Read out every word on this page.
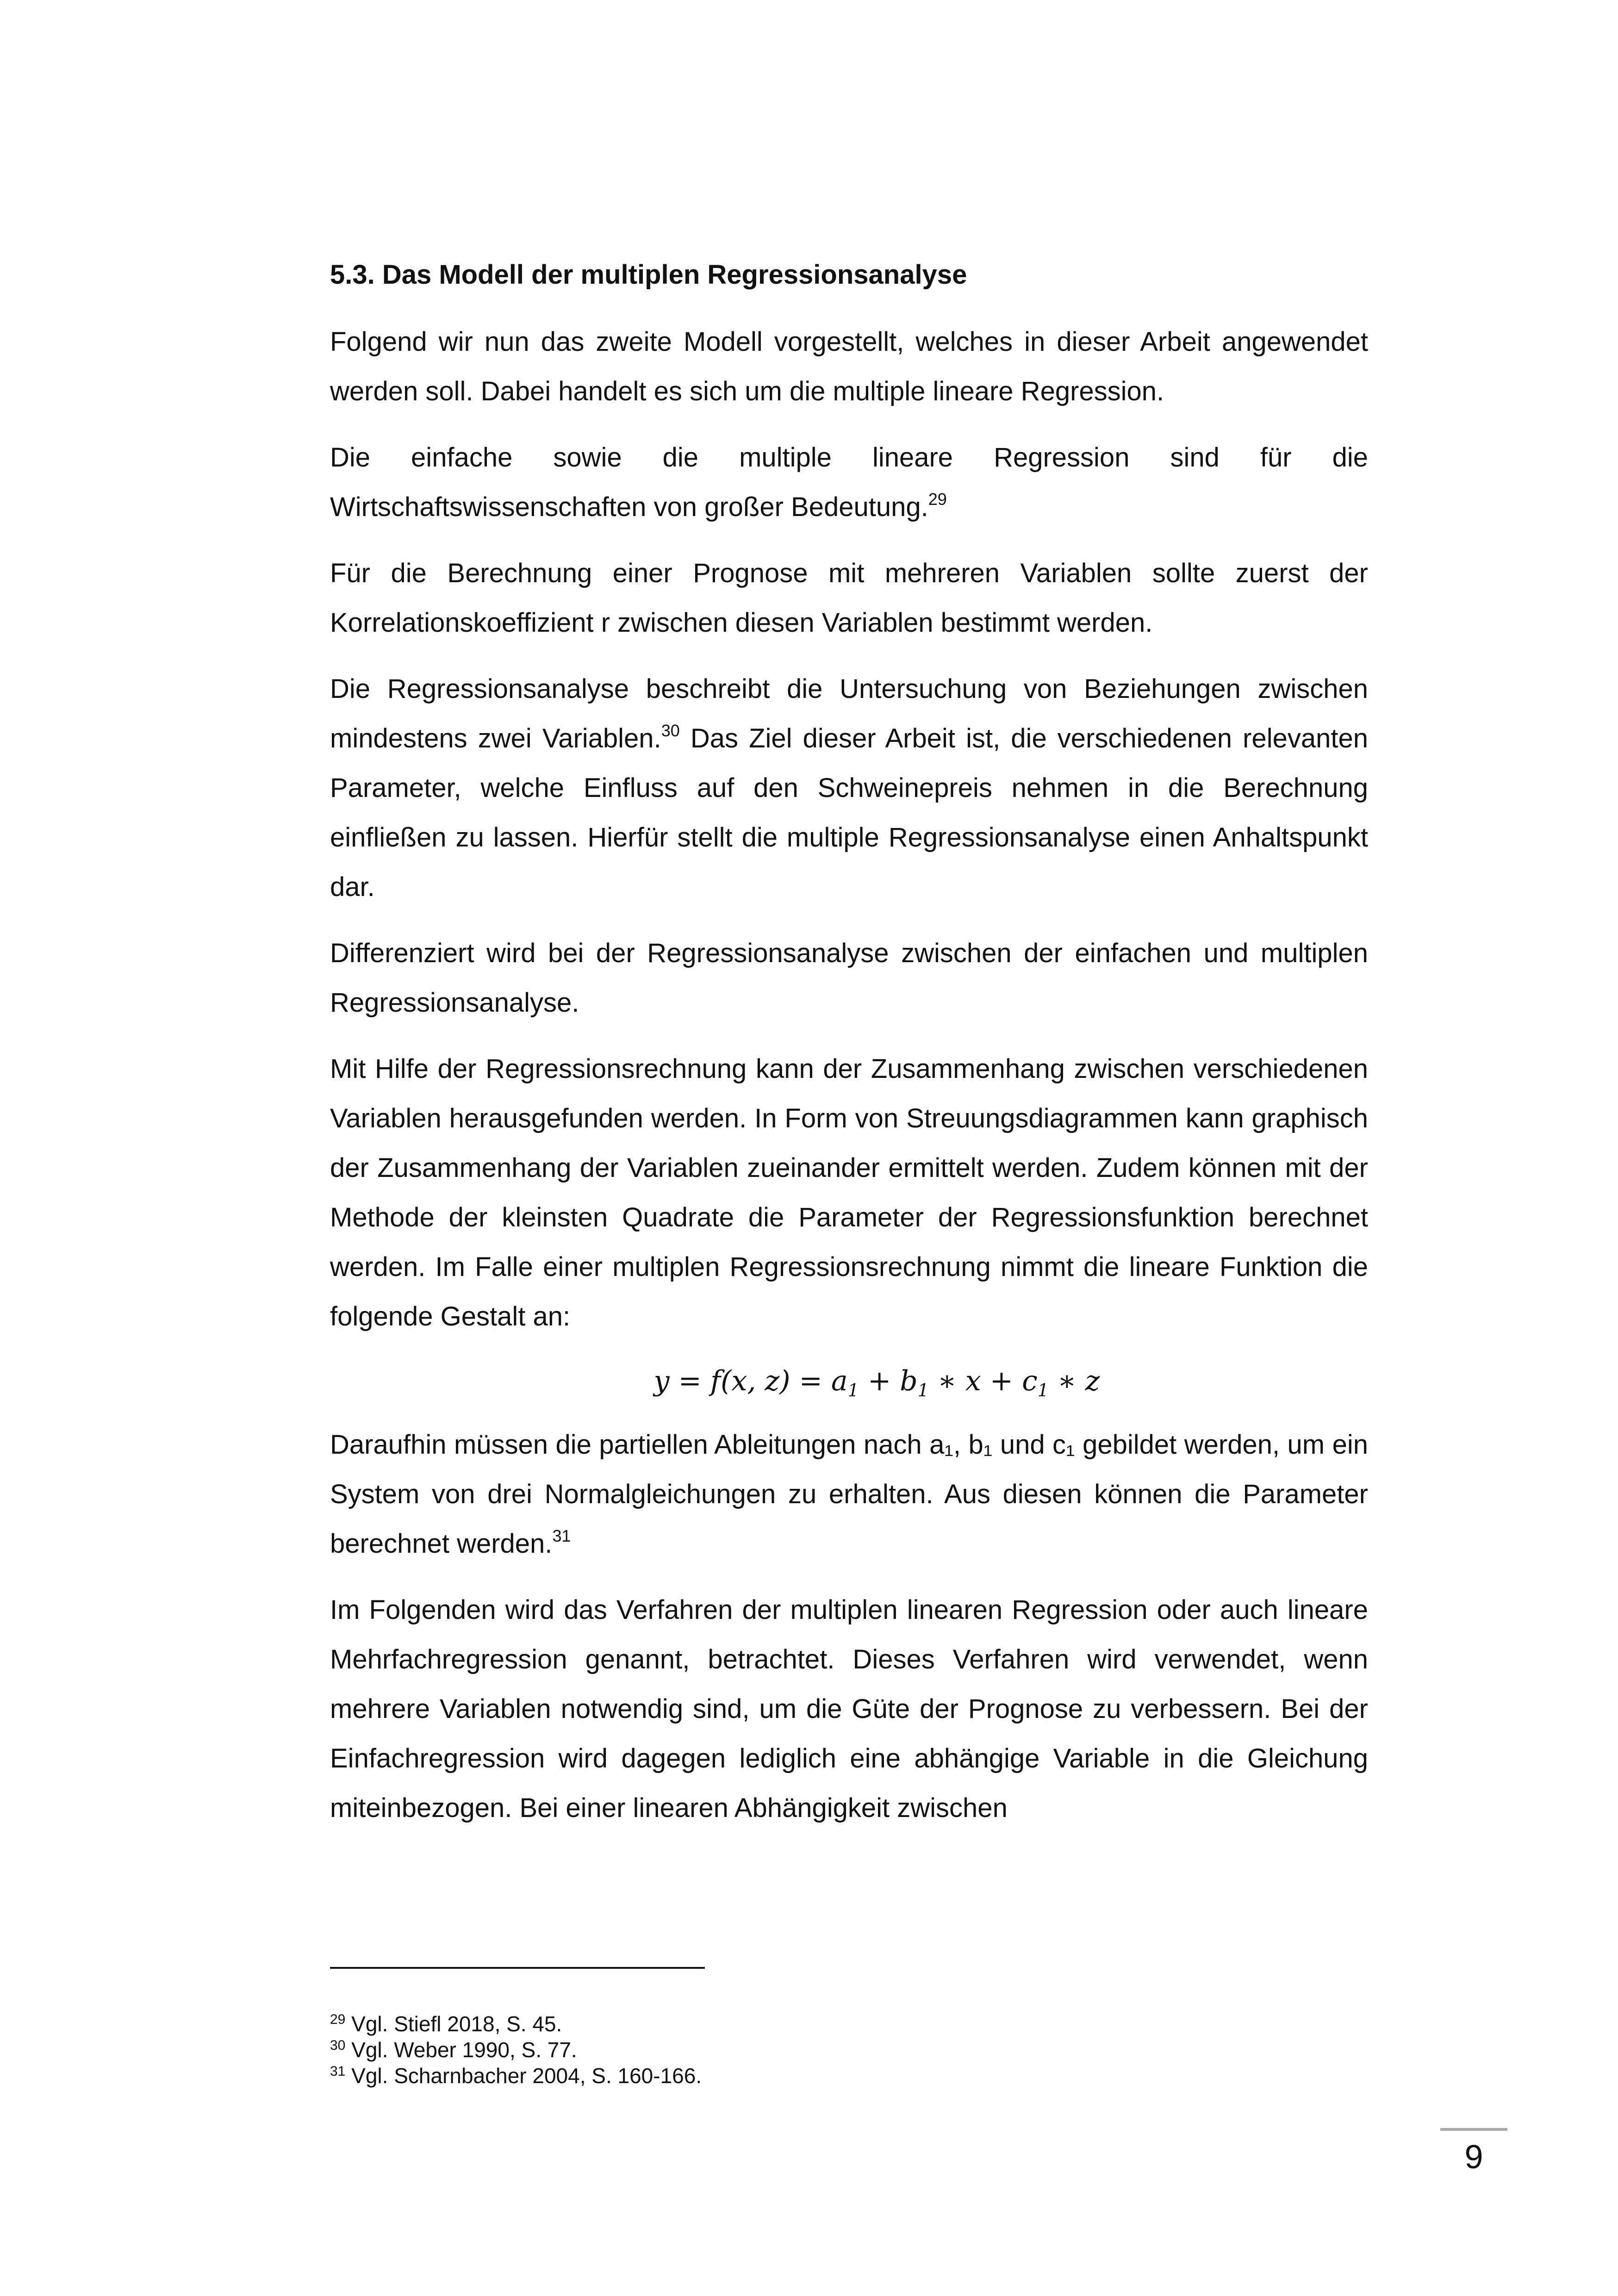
5.3. Das Modell der multiplen Regressionsanalyse

Folgend wir nun das zweite Modell vorgestellt, welches in dieser Arbeit angewendet werden soll. Dabei handelt es sich um die multiple lineare Regression.

Die einfache sowie die multiple lineare Regression sind für die Wirtschaftswissenschaften von großer Bedeutung.$^{29}$

Für die Berechnung einer Prognose mit mehreren Variablen sollte zuerst der Korrelationskoeffizient r zwischen diesen Variablen bestimmt werden.

Die Regressionsanalyse beschreibt die Untersuchung von Beziehungen zwischen mindestens zwei Variablen.$^{30}$ Das Ziel dieser Arbeit ist, die verschiedenen relevanten Parameter, welche Einfluss auf den Schweinepreis nehmen in die Berechnung einfließen zu lassen. Hierfür stellt die multiple Regressionsanalyse einen Anhaltspunkt dar.

Differenziert wird bei der Regressionsanalyse zwischen der einfachen und multiplen Regressionsanalyse.

Mit Hilfe der Regressionsrechnung kann der Zusammenhang zwischen verschiedenen Variablen herausgefunden werden. In Form von Streuungsdiagrammen kann graphisch der Zusammenhang der Variablen zueinander ermittelt werden. Zudem können mit der Methode der kleinsten Quadrate die Parameter der Regressionsfunktion berechnet werden. Im Falle einer multiplen Regressionsrechnung nimmt die lineare Funktion die folgende Gestalt an:

y = f(x, $z) = a_1 + b_1$ ∗ $x + c_1$ ∗ z

Daraufhin müssen die partiellen Ableitungen nach a₁, b₁ und c₁ gebildet werden, um ein System von drei Normalgleichungen zu erhalten. Aus diesen können die Parameter berechnet werden.$^{31}$

Im Folgenden wird das Verfahren der multiplen linearen Regression oder auch lineare Mehrfachregression genannt, betrachtet. Dieses Verfahren wird verwendet, wenn mehrere Variablen notwendig sind, um die Güte der Prognose zu verbessern. Bei der Einfachregression wird dagegen lediglich eine abhängige Variable in die Gleichung miteinbezogen. Bei einer linearen Abhängigkeit zwischen

$^{29}$ Vgl. Stiefl 2018, S. 45.
$^{30}$ Vgl. Weber 1990, S. 77.
$^{31}$ Vgl. Scharnbacher 2004, S. 160-166.
9
